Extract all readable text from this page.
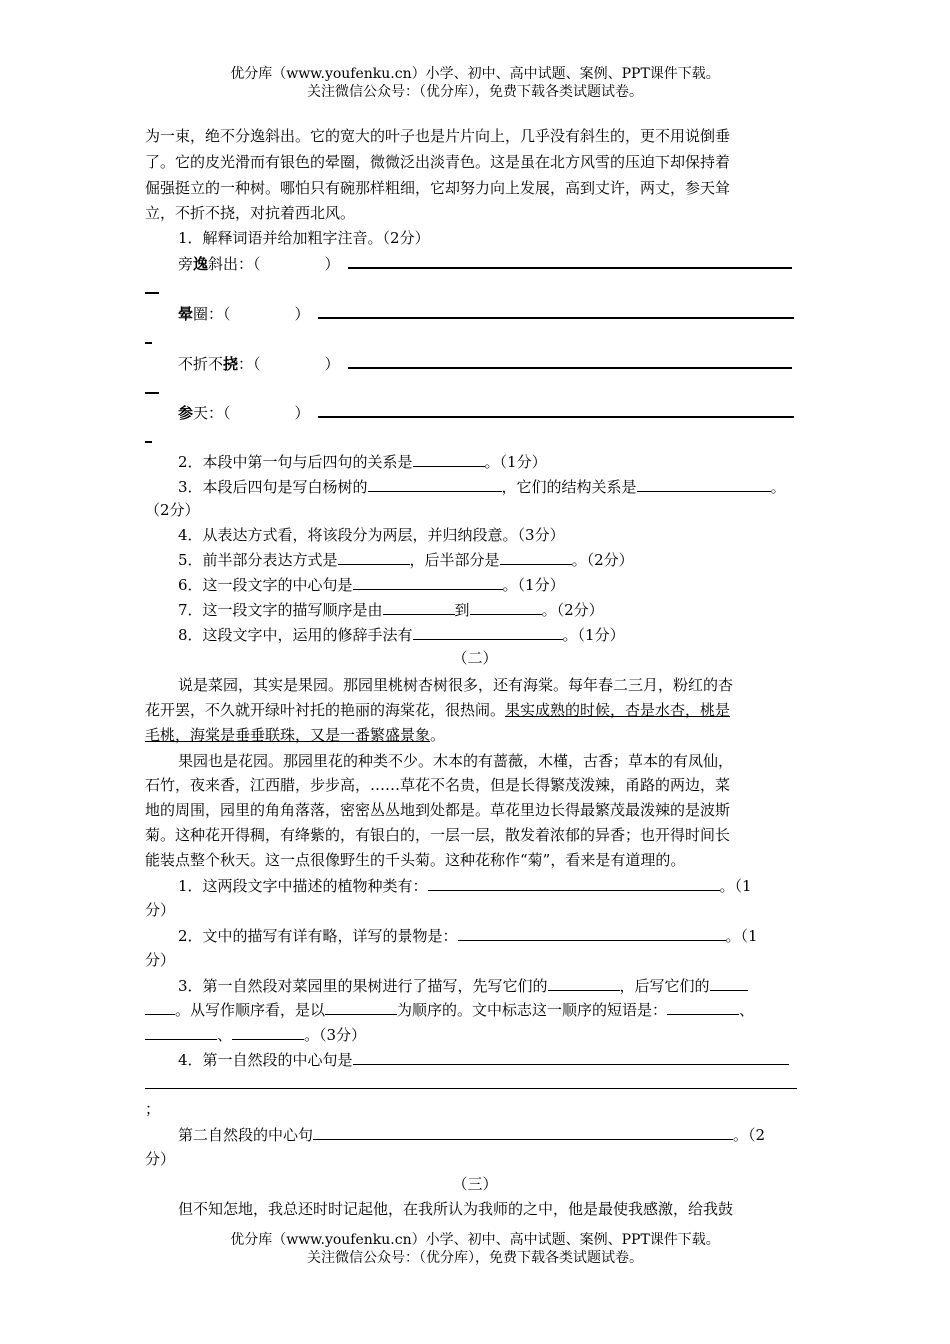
优分库（www.youfenku.cn）小学、初中、高中试题、案例、PPT课件下载。
关注微信公众号：（优分库），免费下载各类试题试卷。
为一束，绝不分逸斜出。它的宽大的叶子也是片片向上，几乎没有斜生的，更不用说倒垂
了。它的皮光滑而有银色的晕圈，微微泛出淡青色。这是虽在北方风雪的压迫下却保持着
倔强挺立的一种树。哪怕只有碗那样粗细，它却努力向上发展，高到丈许，两丈，参天耸
立，不折不挠，对抗着西北风。
1．解释词语并给加粗字注音。（2分）
旁逸斜出：（	）
晕圈：（	）
不折不挠：（	）
参天：（	）
2．本段中第一句与后四句的关系是	。（1分）
3．本段后四句是写白杨树的	，它们的结构关系是	。
（2分）
4．从表达方式看，将该段分为两层，并归纳段意。（3分）
5．前半部分表达方式是	，后半部分是	。（2分）
6．这一段文字的中心句是	。（1分）
7．这一段文字的描写顺序是由	到	。（2分）
8．这段文字中，运用的修辞手法有	。（1分）
（二）
说是菜园，其实是果园。那园里桃树杏树很多，还有海棠。每年春二三月，粉红的杏
花开罢，不久就开绿叶衬托的艳丽的海棠花，很热闹。果实成熟的时候，杏是水杏，桃是
毛桃，海棠是垂垂联珠，又是一番繁盛景象。
果园也是花园。那园里花的种类不少。木本的有蔷薇，木槿，古香；草本的有凤仙，
石竹，夜来香，江西腊，步步高，……草花不名贵，但是长得繁茂泼辣，甬路的两边，菜
地的周围，园里的角角落落，密密丛丛地到处都是。草花里边长得最繁茂最泼辣的是波斯
菊。这种花开得稠，有绛紫的，有银白的，一层一层，散发着浓郁的异香；也开得时间长
能装点整个秋天。这一点很像野生的千头菊。这种花称作“菊”，看来是有道理的。
1．这两段文字中描述的植物种类有：	。（1
分）
2．文中的描写有详有略，详写的景物是：	。（1
分）
3．第一自然段对菜园里的果树进行了描写，先写它们的	，后写它们的
。从写作顺序看，是以	为顺序的。文中标志这一顺序的短语是：	、
、	。（3分）
4．第一自然段的中心句是
；
第二自然段的中心句	。（2
分）
（三）
但不知怎地，我总还时时记起他，在我所认为我师的之中，他是最使我感激，给我鼓
优分库（www.youfenku.cn）小学、初中、高中试题、案例、PPT课件下载。
关注微信公众号：（优分库），免费下载各类试题试卷。
